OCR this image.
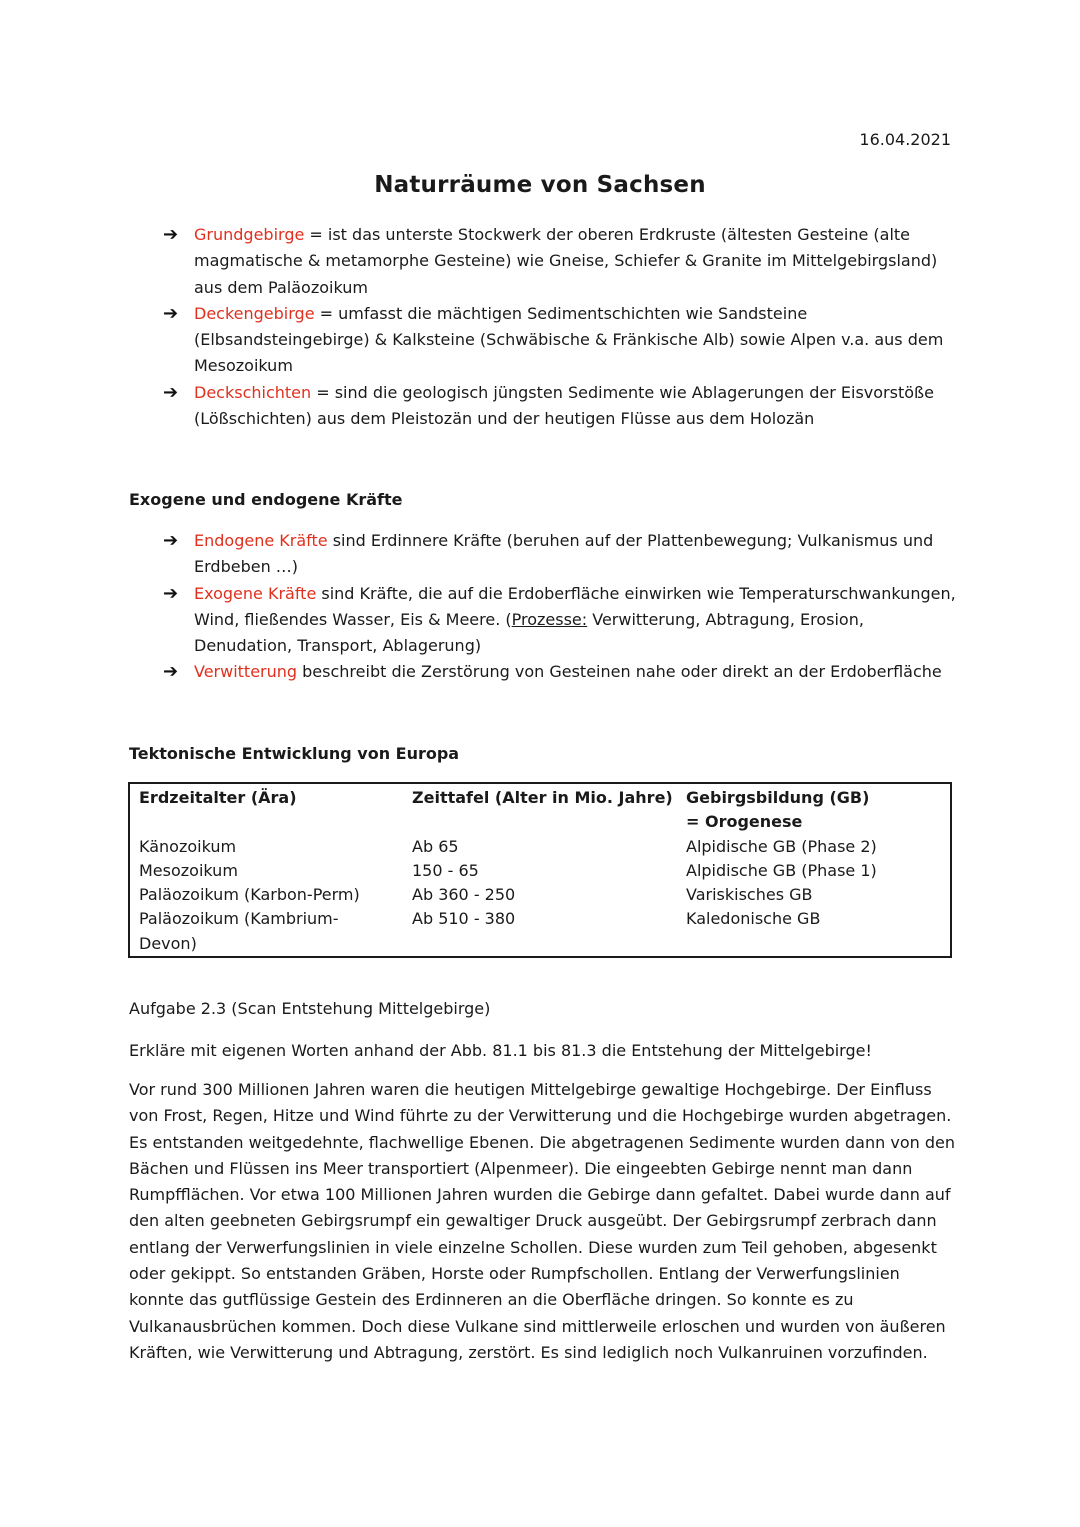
16.04.2021
Naturräume von Sachsen
➔ Grundgebirge = ist das unterste Stockwerk der oberen Erdkruste (ältesten Gesteine (alte magmatische & metamorphe Gesteine) wie Gneise, Schiefer & Granite im Mittelgebirgsland) aus dem Paläozoikum
➔ Deckengebirge = umfasst die mächtigen Sedimentschichten wie Sandsteine (Elbsandsteingebirge) & Kalksteine (Schwäbische & Fränkische Alb) sowie Alpen v.a. aus dem Mesozoikum
➔ Deckschichten = sind die geologisch jüngsten Sedimente wie Ablagerungen der Eisvorstöße (Lößschichten) aus dem Pleistozän und der heutigen Flüsse aus dem Holozän
Exogene und endogene Kräfte
➔ Endogene Kräfte sind Erdinnere Kräfte (beruhen auf der Plattenbewegung; Vulkanismus und Erdbeben …)
➔ Exogene Kräfte sind Kräfte, die auf die Erdoberfläche einwirken wie Temperaturschwankungen, Wind, fließendes Wasser, Eis & Meere. (Prozesse: Verwitterung, Abtragung, Erosion, Denudation, Transport, Ablagerung)
➔ Verwitterung beschreibt die Zerstörung von Gesteinen nahe oder direkt an der Erdoberfläche
Tektonische Entwicklung von Europa
Erdzeitalter (Ära)	Zeittafel (Alter in Mio. Jahre)	Gebirgsbildung (GB) = Orogenese
Känozoikum	Ab 65	Alpidische GB (Phase 2)
Mesozoikum	150 - 65	Alpidische GB (Phase 1)
Paläozoikum (Karbon-Perm)	Ab 360 - 250	Variskisches GB
Paläozoikum (Kambrium-Devon)	Ab 510 - 380	Kaledonische GB
Aufgabe 2.3 (Scan Entstehung Mittelgebirge)
Erkläre mit eigenen Worten anhand der Abb. 81.1 bis 81.3 die Entstehung der Mittelgebirge!
Vor rund 300 Millionen Jahren waren die heutigen Mittelgebirge gewaltige Hochgebirge. Der Einfluss von Frost, Regen, Hitze und Wind führte zu der Verwitterung und die Hochgebirge wurden abgetragen. Es entstanden weitgedehnte, flachwellige Ebenen. Die abgetragenen Sedimente wurden dann von den Bächen und Flüssen ins Meer transportiert (Alpenmeer). Die eingeebten Gebirge nennt man dann Rumpfflächen. Vor etwa 100 Millionen Jahren wurden die Gebirge dann gefaltet. Dabei wurde dann auf den alten geebneten Gebirgsrumpf ein gewaltiger Druck ausgeübt. Der Gebirgsrumpf zerbrach dann entlang der Verwerfungslinien in viele einzelne Schollen. Diese wurden zum Teil gehoben, abgesenkt oder gekippt. So entstanden Gräben, Horste oder Rumpfschollen. Entlang der Verwerfungslinien konnte das gutflüssige Gestein des Erdinneren an die Oberfläche dringen. So konnte es zu Vulkanausbrüchen kommen. Doch diese Vulkane sind mittlerweile erloschen und wurden von äußeren Kräften, wie Verwitterung und Abtragung, zerstört. Es sind lediglich noch Vulkanruinen vorzufinden.
